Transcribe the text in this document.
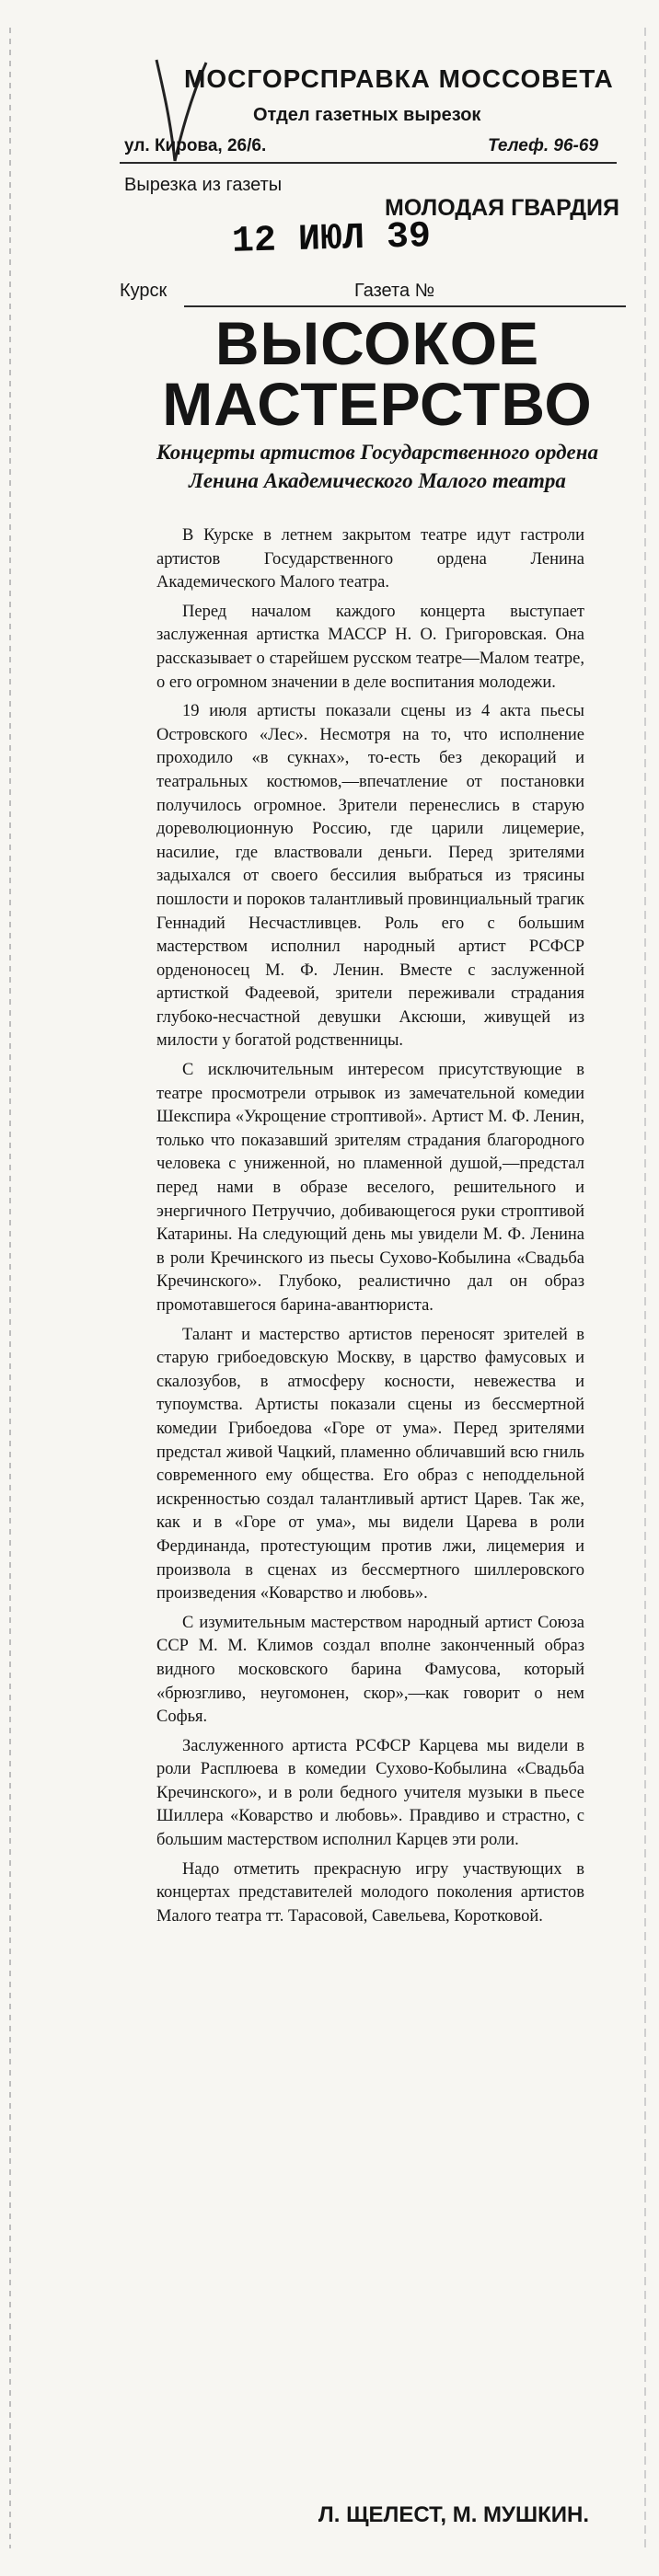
МОСГОРСПРАВКА МОССОВЕТА
Отдел газетных вырезок
ул. Кирова, 26/6.	Телеф. 96-69
Вырезка из газеты
МОЛОДАЯ ГВАРДИЯ
12 ИЮЛ 39
Курск	Газета №
ВЫСОКОЕ
МАСТЕРСТВО
Концерты артистов Государственного ордена Ленина Академического Малого театра

В Курске в летнем закрытом театре идут гастроли артистов Государственного ордена Ленина Академического Малого театра.

Перед началом каждого концерта выступает заслуженная артистка МАССР Н. О. Григоровская. Она рассказывает о старейшем русском театре—Малом театре, о его огромном значении в деле воспитания молодежи.

19 июля артисты показали сцены из 4 акта пьесы Островского «Лес». Несмотря на то, что исполнение проходило «в сукнах», то-есть без декораций и театральных костюмов,—впечатление от постановки получилось огромное. Зрители перенеслись в старую дореволюционную Россию, где царили лицемерие, насилие, где властвовали деньги. Перед зрителями задыхался от своего бессилия выбраться из трясины пошлости и пороков талантливый провинциальный трагик Геннадий Несчастливцев. Роль его с большим мастерством исполнил народный артист РСФСР орденоносец М. Ф. Ленин. Вместе с заслуженной артисткой Фадеевой, зрители переживали страдания глубоко-несчастной девушки Аксюши, живущей из милости у богатой родственницы.

С исключительным интересом присутствующие в театре просмотрели отрывок из замечательной комедии Шекспира «Укрощение строптивой». Артист М. Ф. Ленин, только что показавший зрителям страдания благородного человека с униженной, но пламенной душой,—предстал перед нами в образе веселого, решительного и энергичного Петруччио, добивающегося руки строптивой Катарины. На следующий день мы увидели М. Ф. Ленина в роли Кречинского из пьесы Сухово-Кобылина «Свадьба Кречинского». Глубоко, реалистично дал он образ промотавшегося барина-авантюриста.

Талант и мастерство артистов переносят зрителей в старую грибоедовскую Москву, в царство фамусовых и скалозубов, в атмосферу косности, невежества и тупоумства. Артисты показали сцены из бессмертной комедии Грибоедова «Горе от ума». Перед зрителями предстал живой Чацкий, пламенно обличавший всю гниль современного ему общества. Его образ с неподдельной искренностью создал талантливый артист Царев. Так же, как и в «Горе от ума», мы видели Царева в роли Фердинанда, протестующим против лжи, лицемерия и произвола в сценах из бессмертного шиллеровского произведения «Коварство и любовь».

С изумительным мастерством народный артист Союза ССР М. М. Климов создал вполне законченный образ видного московского барина Фамусова, который «брюзгливо, неугомонен, скор»,—как говорит о нем Софья.

Заслуженного артиста РСФСР Карцева мы видели в роли Расплюева в комедии Сухово-Кобылина «Свадьба Кречинского», и в роли бедного учителя музыки в пьесе Шиллера «Коварство и любовь». Правдиво и страстно, с большим мастерством исполнил Карцев эти роли.

Надо отметить прекрасную игру участвующих в концертах представителей молодого поколения артистов Малого театра тт. Тарасовой, Савельева, Коротковой.

Л. ЩЕЛЕСТ, М. МУШКИН.
